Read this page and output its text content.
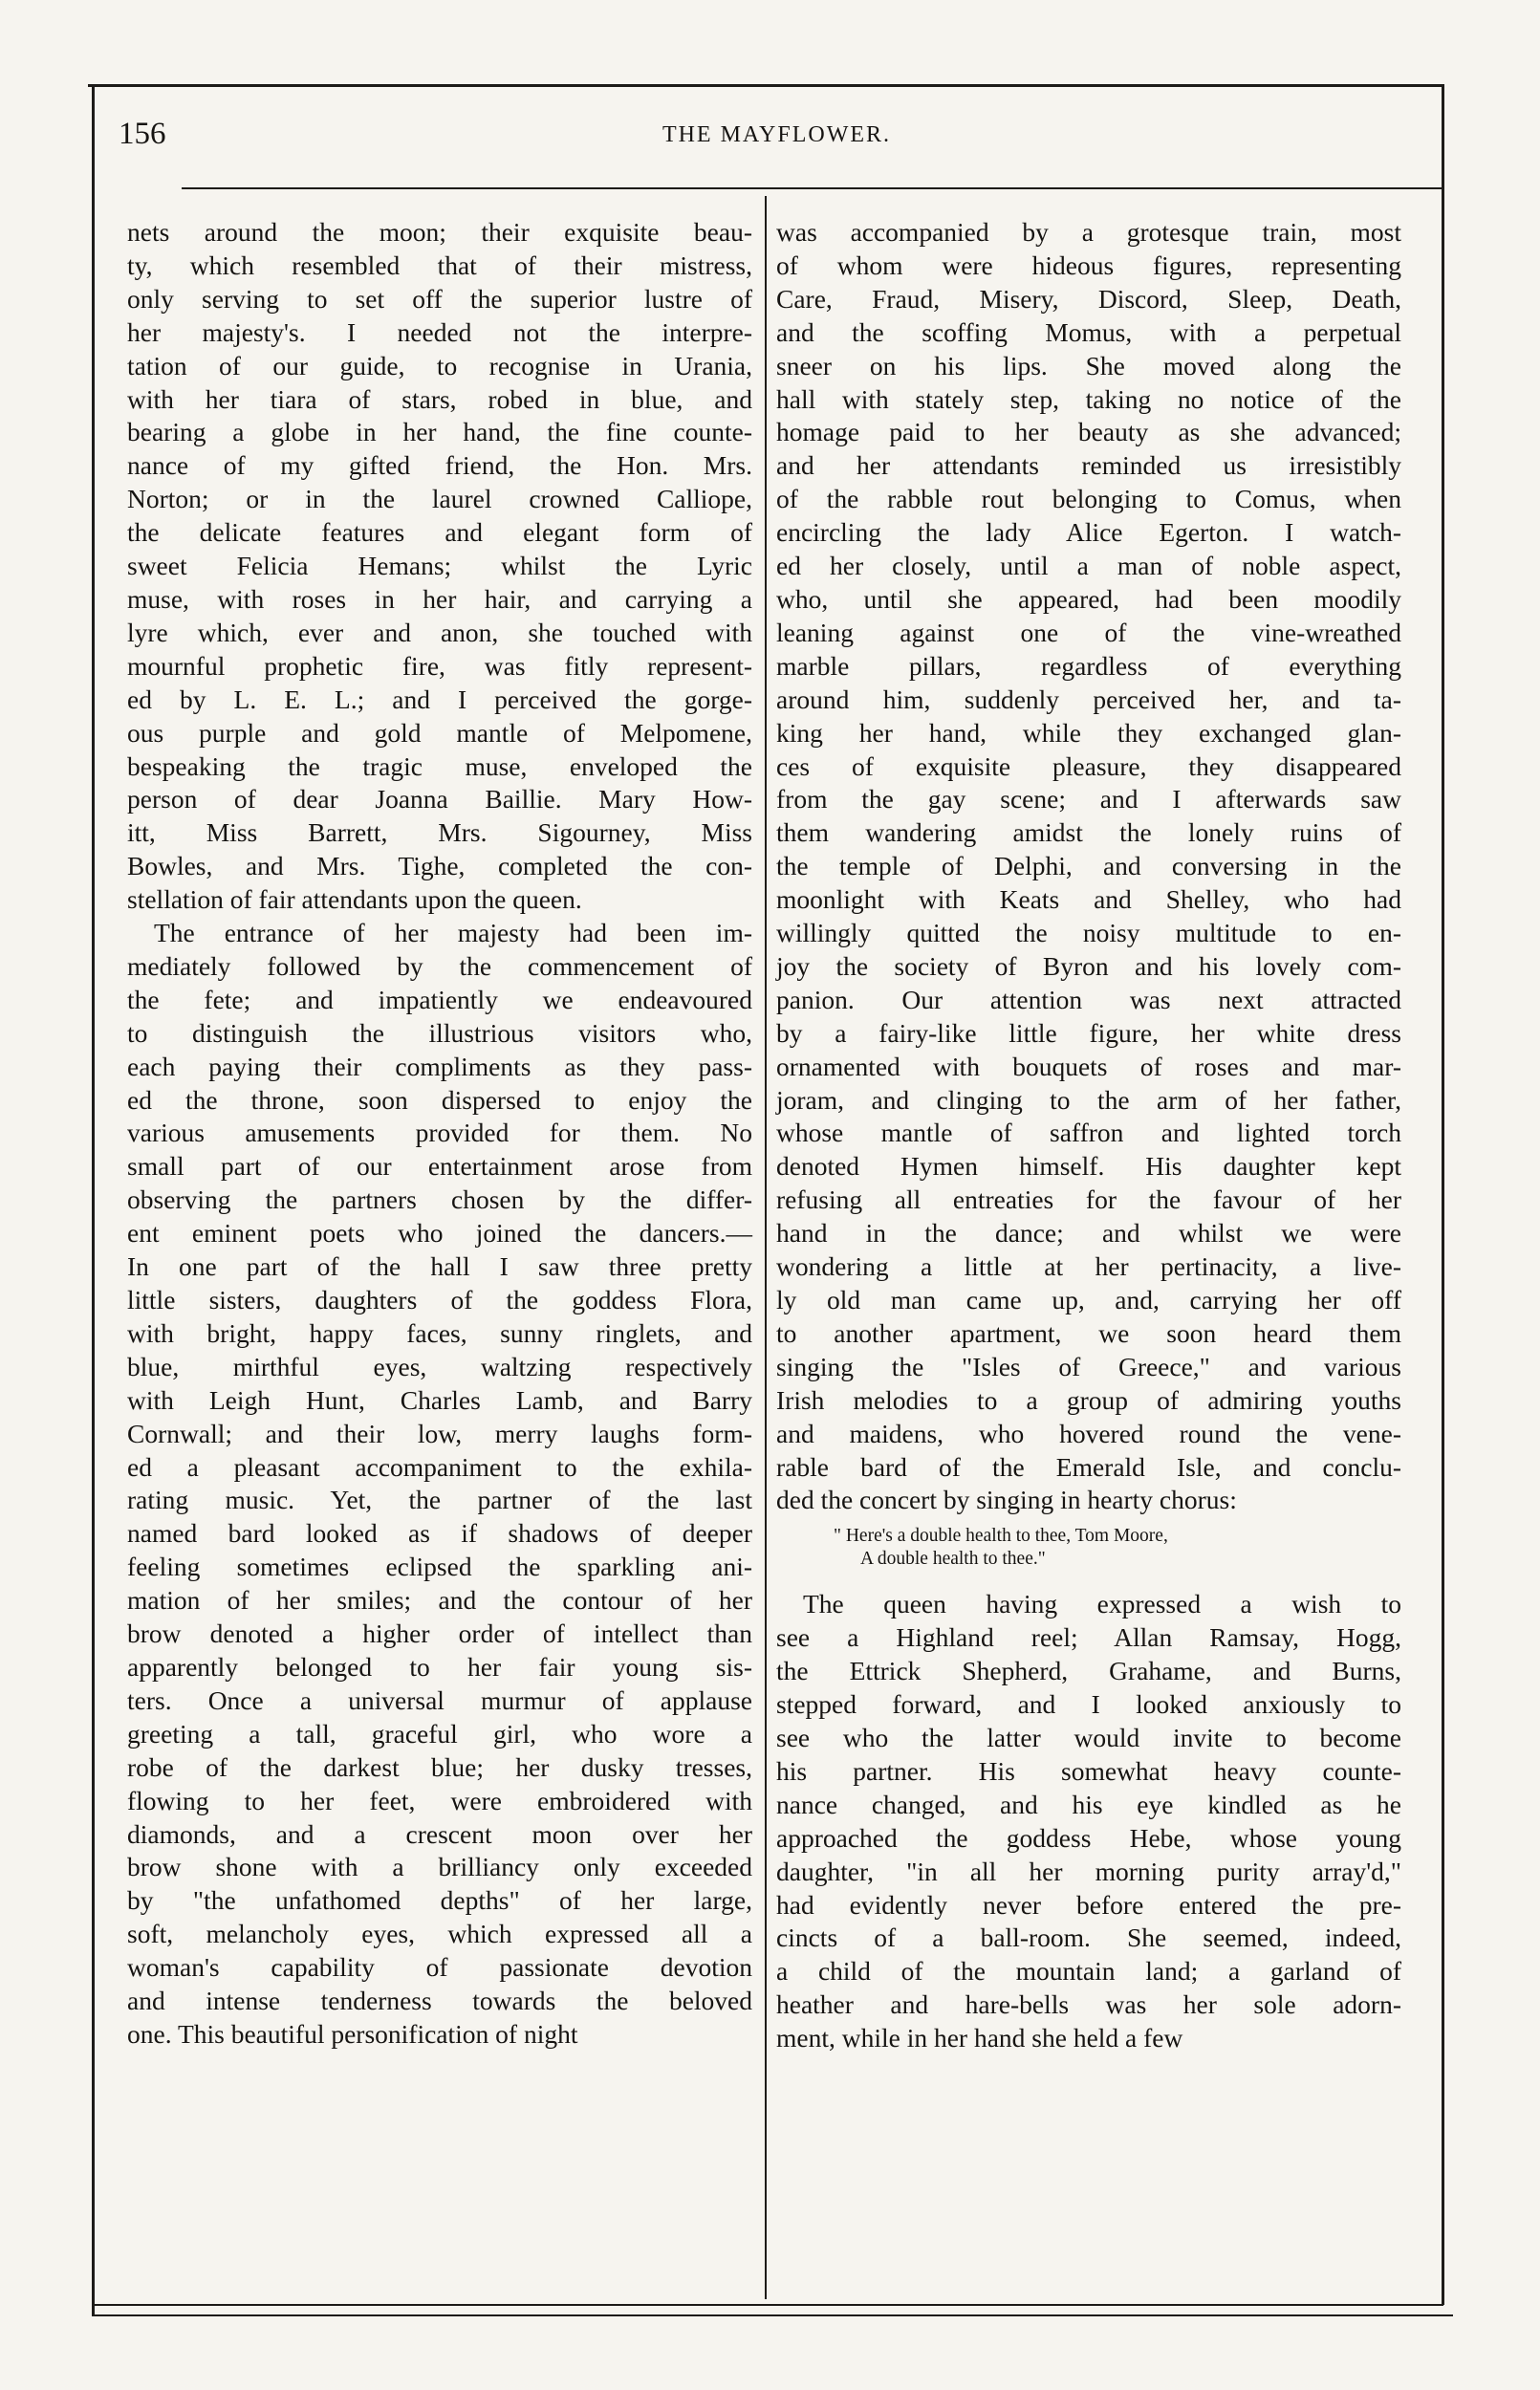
156	THE MAYFLOWER.
nets around the moon; their exquisite beau-
ty, which resembled that of their mistress,
only serving to set off the superior lustre of
her majesty's. I needed not the interpre-
tation of our guide, to recognise in Urania,
with her tiara of stars, robed in blue, and
bearing a globe in her hand, the fine counte-
nance of my gifted friend, the Hon. Mrs.
Norton; or in the laurel crowned Calliope,
the delicate features and elegant form of
sweet Felicia Hemans; whilst the Lyric
muse, with roses in her hair, and carrying a
lyre which, ever and anon, she touched with
mournful prophetic fire, was fitly represent-
ed by L. E. L.; and I perceived the gorge-
ous purple and gold mantle of Melpomene,
bespeaking the tragic muse, enveloped the
person of dear Joanna Baillie. Mary How-
itt, Miss Barrett, Mrs. Sigourney, Miss
Bowles, and Mrs. Tighe, completed the con-
stellation of fair attendants upon the queen.
The entrance of her majesty had been im-
mediately followed by the commencement of
the fete; and impatiently we endeavoured
to distinguish the illustrious visitors who,
each paying their compliments as they pass-
ed the throne, soon dispersed to enjoy the
various amusements provided for them. No
small part of our entertainment arose from
observing the partners chosen by the differ-
ent eminent poets who joined the dancers.—
In one part of the hall I saw three pretty
little sisters, daughters of the goddess Flora,
with bright, happy faces, sunny ringlets, and
blue, mirthful eyes, waltzing respectively
with Leigh Hunt, Charles Lamb, and Barry
Cornwall; and their low, merry laughs form-
ed a pleasant accompaniment to the exhila-
rating music. Yet, the partner of the last
named bard looked as if shadows of deeper
feeling sometimes eclipsed the sparkling ani-
mation of her smiles; and the contour of her
brow denoted a higher order of intellect than
apparently belonged to her fair young sis-
ters. Once a universal murmur of applause
greeting a tall, graceful girl, who wore a
robe of the darkest blue; her dusky tresses,
flowing to her feet, were embroidered with
diamonds, and a crescent moon over her
brow shone with a brilliancy only exceeded
by "the unfathomed depths" of her large,
soft, melancholy eyes, which expressed all a
woman's capability of passionate devotion
and intense tenderness towards the beloved
one. This beautiful personification of night
was accompanied by a grotesque train, most
of whom were hideous figures, representing
Care, Fraud, Misery, Discord, Sleep, Death,
and the scoffing Momus, with a perpetual
sneer on his lips. She moved along the
hall with stately step, taking no notice of the
homage paid to her beauty as she advanced;
and her attendants reminded us irresistibly
of the rabble rout belonging to Comus, when
encircling the lady Alice Egerton. I watch-
ed her closely, until a man of noble aspect,
who, until she appeared, had been moodily
leaning against one of the vine-wreathed
marble pillars, regardless of everything
around him, suddenly perceived her, and ta-
king her hand, while they exchanged glan-
ces of exquisite pleasure, they disappeared
from the gay scene; and I afterwards saw
them wandering amidst the lonely ruins of
the temple of Delphi, and conversing in the
moonlight with Keats and Shelley, who had
willingly quitted the noisy multitude to en-
joy the society of Byron and his lovely com-
panion. Our attention was next attracted
by a fairy-like little figure, her white dress
ornamented with bouquets of roses and mar-
joram, and clinging to the arm of her father,
whose mantle of saffron and lighted torch
denoted Hymen himself. His daughter kept
refusing all entreaties for the favour of her
hand in the dance; and whilst we were
wondering a little at her pertinacity, a live-
ly old man came up, and, carrying her off
to another apartment, we soon heard them
singing the "Isles of Greece," and various
Irish melodies to a group of admiring youths
and maidens, who hovered round the vene-
rable bard of the Emerald Isle, and conclu-
ded the concert by singing in hearty chorus:
" Here's a double health to thee, Tom Moore,
A double health to thee."
The queen having expressed a wish to
see a Highland reel; Allan Ramsay, Hogg,
the Ettrick Shepherd, Grahame, and Burns,
stepped forward, and I looked anxiously to
see who the latter would invite to become
his partner. His somewhat heavy counte-
nance changed, and his eye kindled as he
approached the goddess Hebe, whose young
daughter, "in all her morning purity array'd,"
had evidently never before entered the pre-
cincts of a ball-room. She seemed, indeed,
a child of the mountain land; a garland of
heather and hare-bells was her sole adorn-
ment, while in her hand she held a few
